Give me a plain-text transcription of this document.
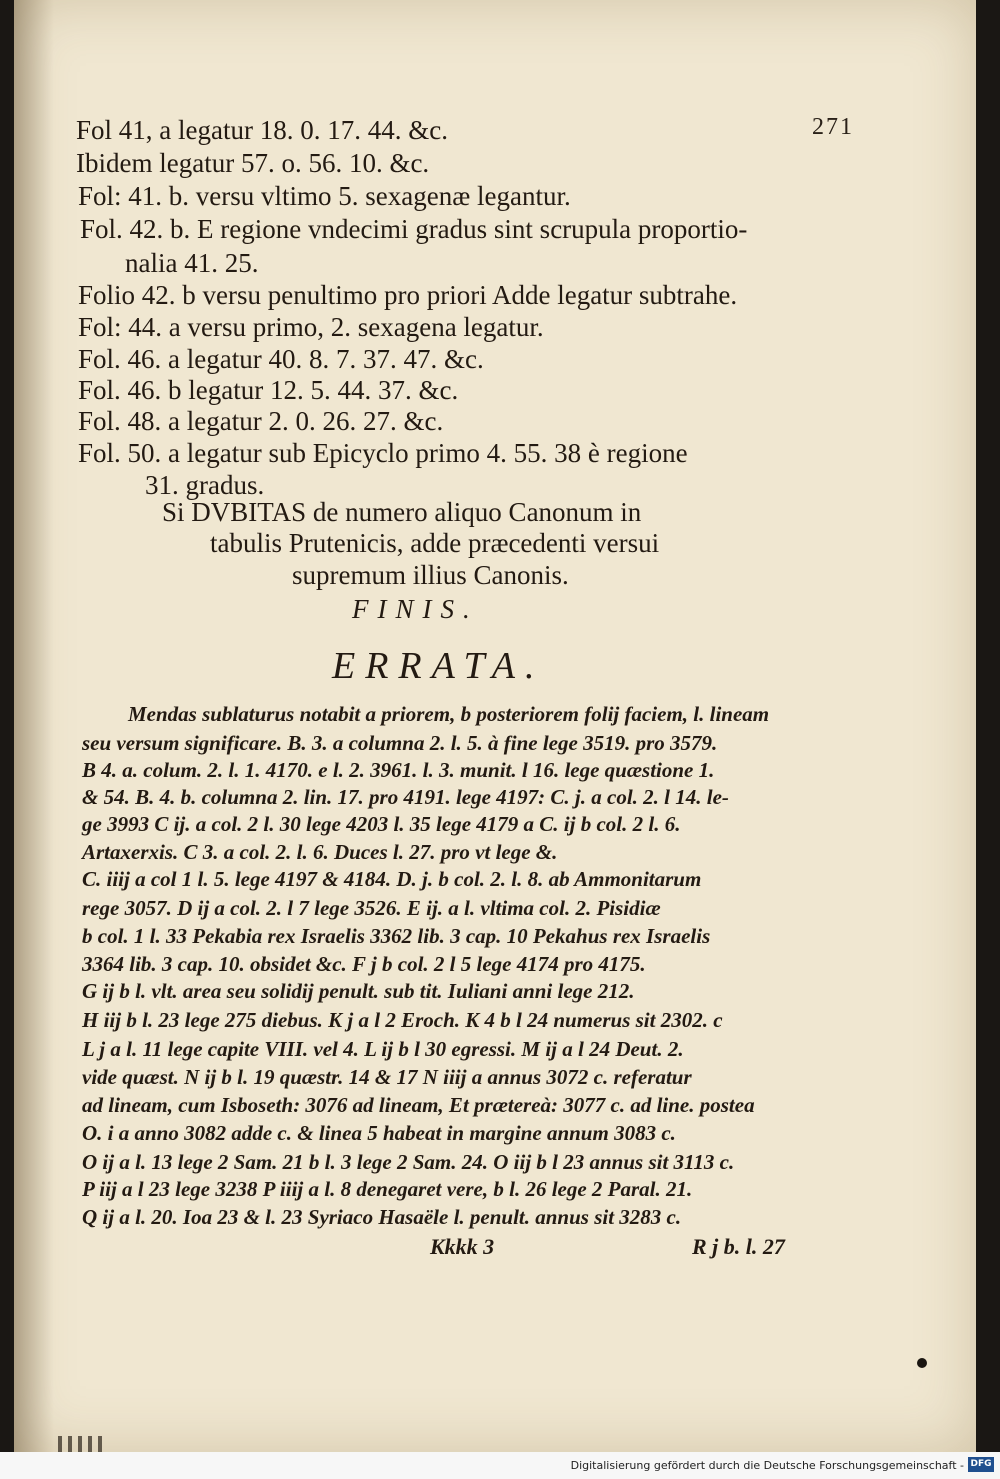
271
Fol 41, a legatur 18. 0. 17. 44. &c.
Ibidem legatur 57. o. 56. 10. &c.
Fol: 41. b. versu vltimo 5. sexagenæ legantur.
Fol. 42. b. E regione vndecimi gradus sint scrupula proportio-
nalia 41. 25.
Folio 42. b versu penultimo pro priori Adde legatur subtrahe.
Fol: 44. a versu primo, 2. sexagena legatur.
Fol. 46. a legatur 40. 8. 7. 37. 47. &c.
Fol. 46. b legatur 12. 5. 44. 37. &c.
Fol. 48. a legatur 2. 0. 26. 27. &c.
Fol. 50. a legatur sub Epicyclo primo 4. 55. 38 è regione
31. gradus.
Si DVBITAS de numero aliquo Canonum in
tabulis Prutenicis, adde præcedenti versui
supremum illius Canonis.
FINIS.
ERRATA.
Mendas sublaturus notabit a priorem, b posteriorem folij faciem, l. lineam
seu versum significare. B. 3. a columna 2. l. 5. à fine lege 3519. pro 3579.
B 4. a. colum. 2. l. 1. 4170. e l. 2. 3961. l. 3. munit. l 16. lege quæstione 1.
& 54. B. 4. b. columna 2. lin. 17. pro 4191. lege 4197: C. j. a col. 2. l 14. le-
ge 3993 C ij. a col. 2 l. 30 lege 4203 l. 35 lege 4179 a C. ij b col. 2 l. 6.
Artaxerxis. C 3. a col. 2. l. 6. Duces l. 27. pro vt lege &.
C. iiij a col 1 l. 5. lege 4197 & 4184. D. j. b col. 2. l. 8. ab Ammonitarum
rege 3057. D ij a col. 2. l 7 lege 3526. E ij. a l. vltima col. 2. Pisidiæ
b col. 1 l. 33 Pekabia rex Israelis 3362 lib. 3 cap. 10 Pekahus rex Israelis
3364 lib. 3 cap. 10. obsidet &c. F j b col. 2 l 5 lege 4174 pro 4175.
G ij b l. vlt. area seu solidij penult. sub tit. Iuliani anni lege 212.
H iij b l. 23 lege 275 diebus. K j a l 2 Eroch. K 4 b l 24 numerus sit 2302. c
L j a l. 11 lege capite VIII. vel 4. L ij b l 30 egressi. M ij a l 24 Deut. 2.
vide quæst. N ij b l. 19 quæstr. 14 & 17 N iiij a annus 3072 c. referatur
ad lineam, cum Isboseth: 3076 ad lineam, Et prætereà: 3077 c. ad line. postea
O. i a anno 3082 adde c. & linea 5 habeat in margine annum 3083 c.
O ij a l. 13 lege 2 Sam. 21 b l. 3 lege 2 Sam. 24. O iij b l 23 annus sit 3113 c.
P iij a l 23 lege 3238 P iiij a l. 8 denegaret vere, b l. 26 lege 2 Paral. 21.
Q ij a l. 20. Ioa 23 & l. 23 Syriaco Hasaële l. penult. annus sit 3283 c.
Kkkk 3	R j b. l. 27
Digitalisierung gefördert durch die Deutsche Forschungsgemeinschaft - DFG
